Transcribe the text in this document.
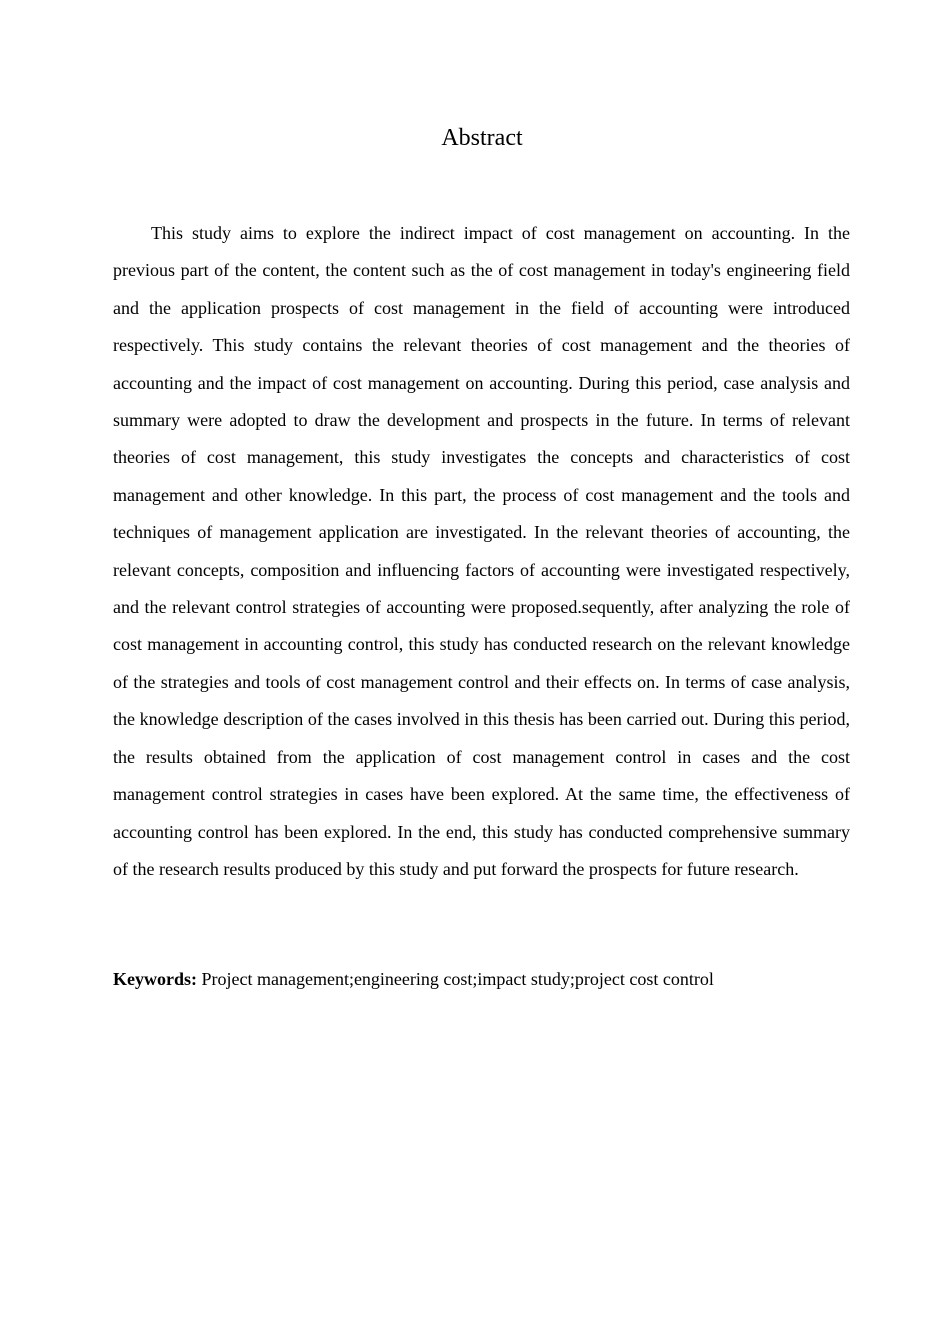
Abstract

This study aims to explore the indirect impact of cost management on accounting. In the previous part of the content, the content such as the of cost management in today's engineering field and the application prospects of cost management in the field of accounting were introduced respectively. This study contains the relevant theories of cost management and the theories of accounting and the impact of cost management on accounting. During this period, case analysis and summary were adopted to draw the development and prospects in the future. In terms of relevant theories of cost management, this study investigates the concepts and characteristics of cost management and other knowledge. In this part, the process of cost management and the tools and techniques of management application are investigated. In the relevant theories of accounting, the relevant concepts, composition and influencing factors of accounting were investigated respectively, and the relevant control strategies of accounting were proposed.sequently, after analyzing the role of cost management in accounting control, this study has conducted research on the relevant knowledge of the strategies and tools of cost management control and their effects on. In terms of case analysis, the knowledge description of the cases involved in this thesis has been carried out. During this period, the results obtained from the application of cost management control in cases and the cost management control strategies in cases have been explored. At the same time, the effectiveness of accounting control has been explored. In the end, this study has conducted comprehensive summary of the research results produced by this study and put forward the prospects for future research.

Keywords: Project management;engineering cost;impact study;project cost control
